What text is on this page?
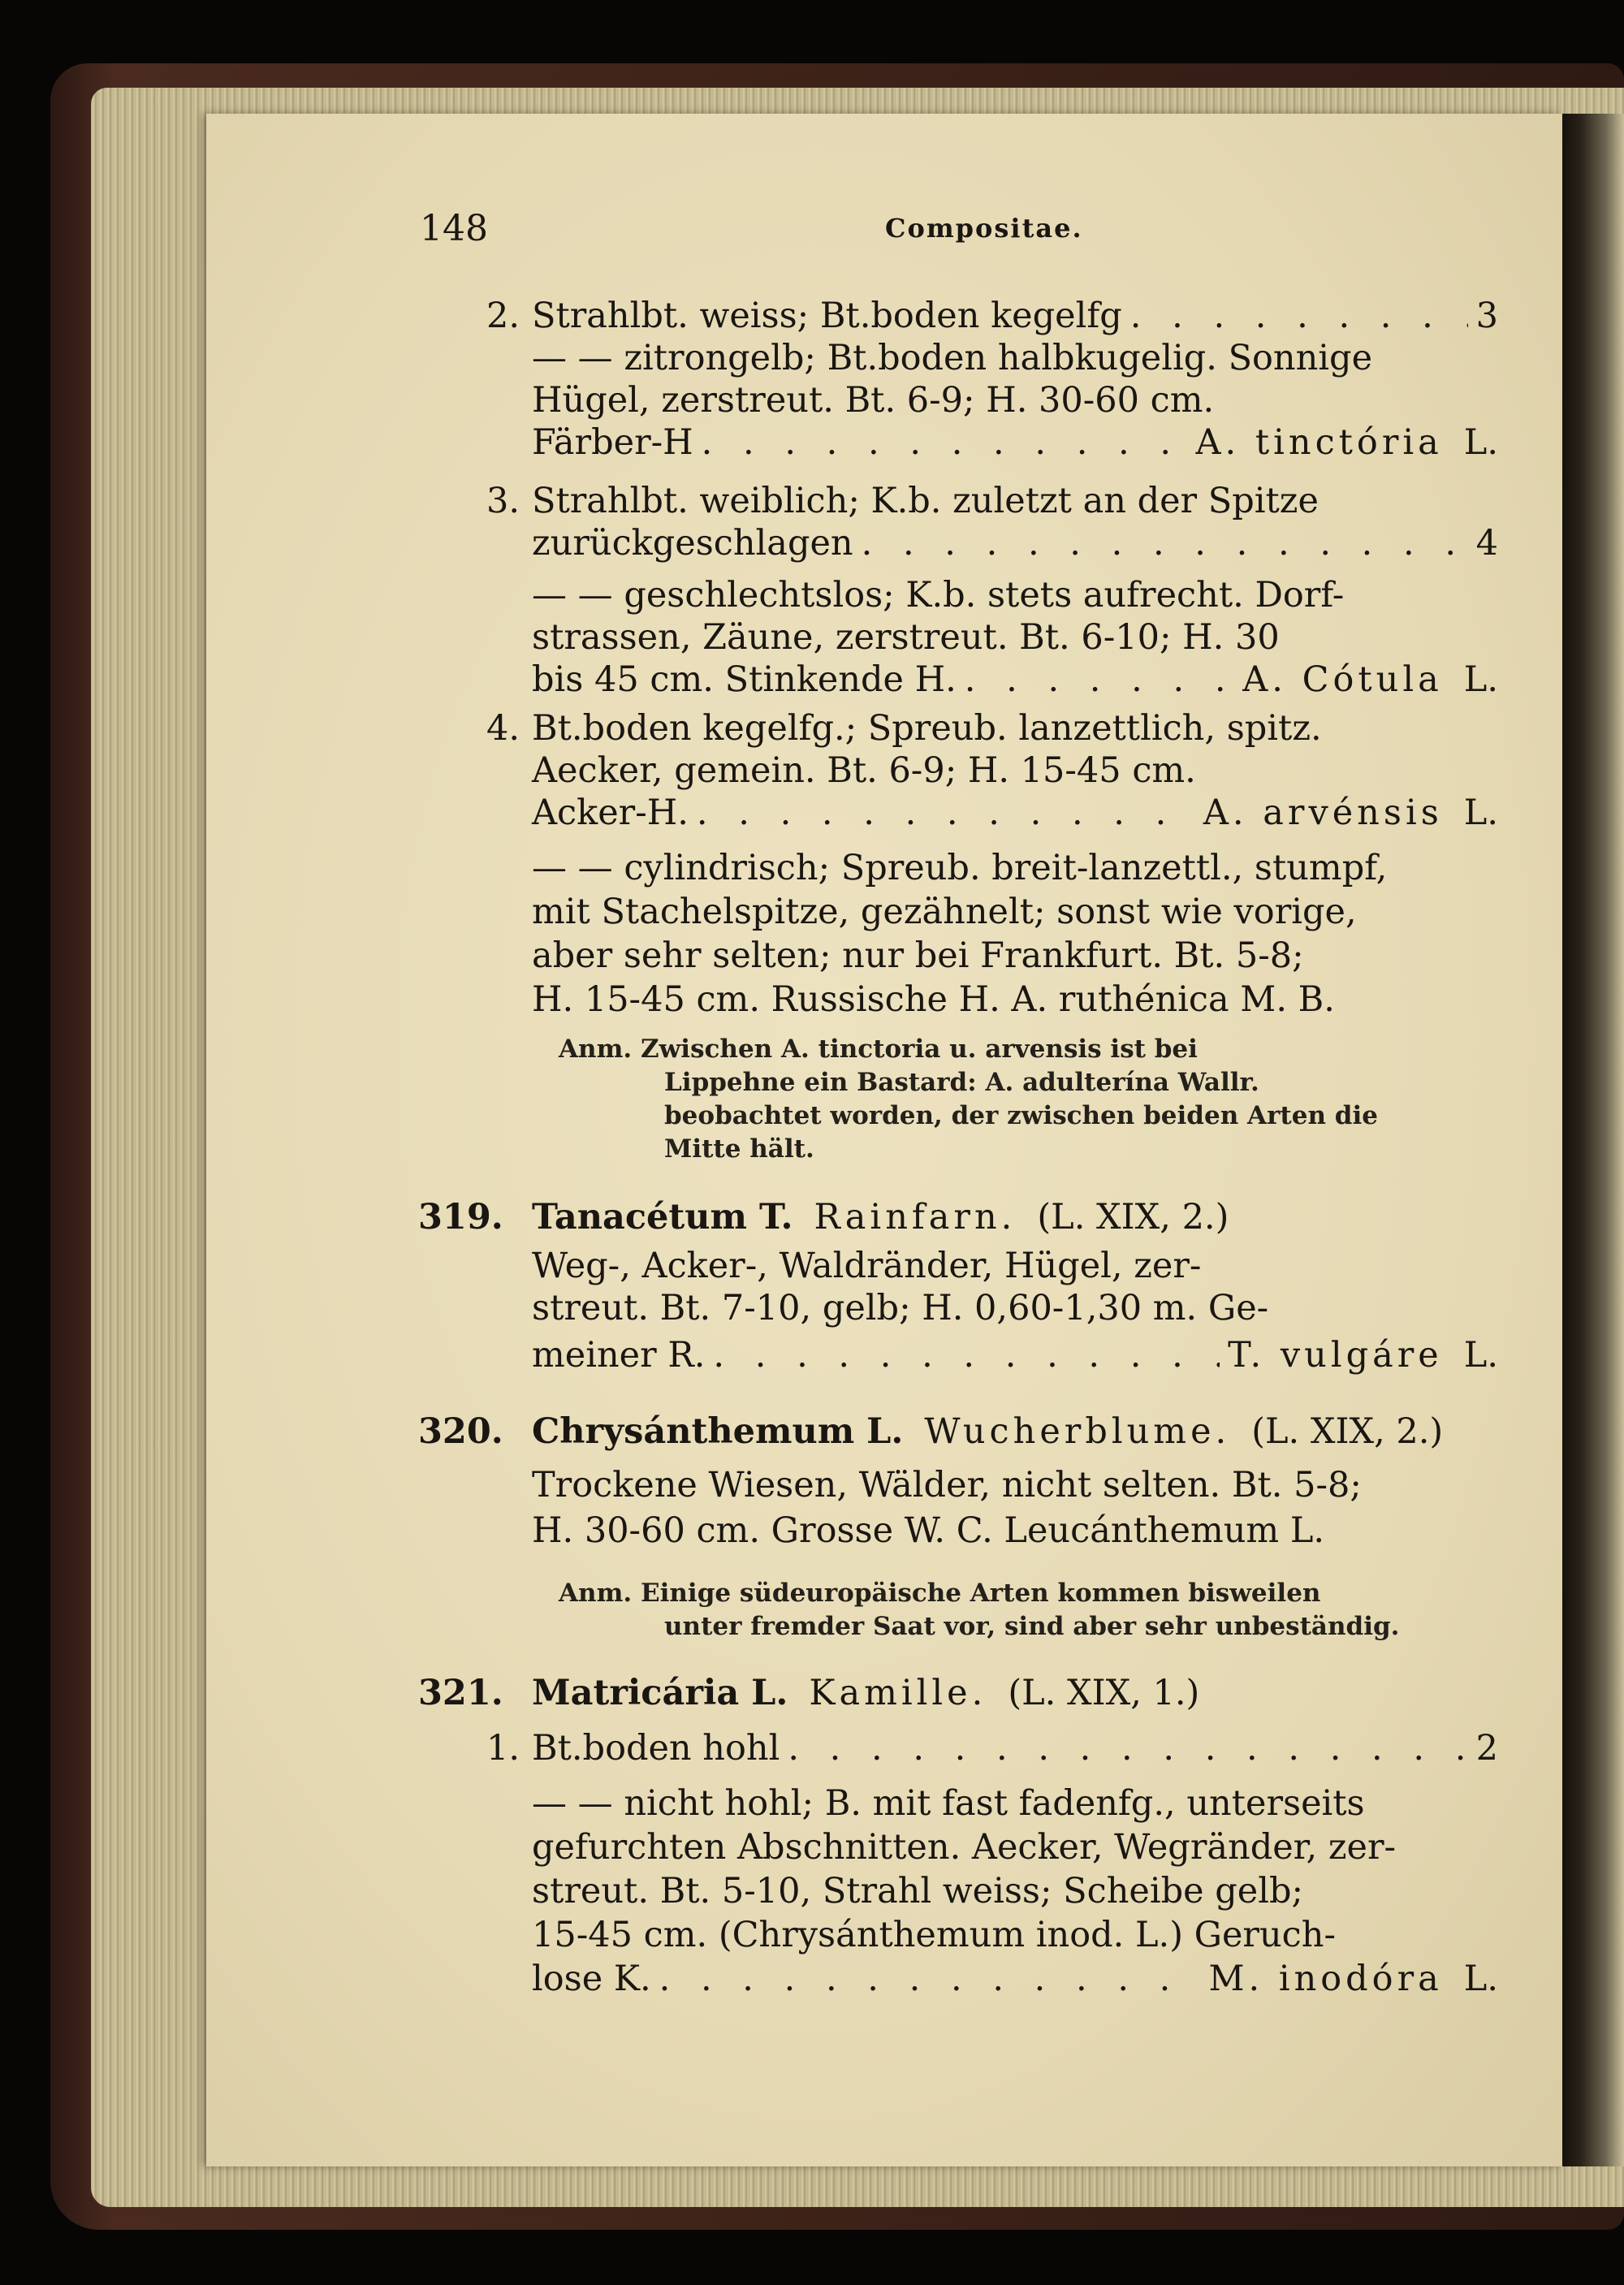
148	Compositae.
2. Strahlbt. weiss; Bt.boden kegelfg . . .	3
— — zitrongelb; Bt.boden halbkugelig. Sonnige
Hügel, zerstreut. Bt. 6-9; H. 30-60 cm.
Färber-H . . .	A. tinctória L.
3. Strahlbt. weiblich; K.b. zuletzt an der Spitze
zurückgeschlagen . . .	4
— — geschlechtslos; K.b. stets aufrecht. Dorf-
strassen, Zäune, zerstreut. Bt. 6-10; H. 30
bis 45 cm. Stinkende H. . . .	A. Cótula L.
4. Bt.boden kegelfg.; Spreub. lanzettlich, spitz.
Aecker, gemein. Bt. 6-9; H. 15-45 cm.
Acker-H. . . .	A. arvénsis L.
— — cylindrisch; Spreub. breit-lanzettl., stumpf,
mit Stachelspitze, gezähnelt; sonst wie vorige,
aber sehr selten; nur bei Frankfurt. Bt. 5-8;
H. 15-45 cm. Russische H. A. ruthénica M. B.
Anm. Zwischen A. tinctoria u. arvensis ist bei
Lippehne ein Bastard: A. adulterína Wallr.
beobachtet worden, der zwischen beiden Arten die
Mitte hält.
319. Tanacétum T. Rainfarn. (L. XIX, 2.)
Weg-, Acker-, Waldränder, Hügel, zer-
streut. Bt. 7-10, gelb; H. 0,60-1,30 m. Ge-
meiner R. . . .	T. vulgáre L.
320. Chrysánthemum L. Wucherblume. (L. XIX, 2.)
Trockene Wiesen, Wälder, nicht selten. Bt. 5-8;
H. 30-60 cm. Grosse W. C. Leucánthemum L.
Anm. Einige südeuropäische Arten kommen bisweilen
unter fremder Saat vor, sind aber sehr unbeständig.
321. Matricária L. Kamille. (L. XIX, 1.)
1. Bt.boden hohl . . .	2
— — nicht hohl; B. mit fast fadenfg., unterseits
gefurchten Abschnitten. Aecker, Wegränder, zer-
streut. Bt. 5-10, Strahl weiss; Scheibe gelb;
15-45 cm. (Chrysánthemum inod. L.) Geruch-
lose K. . . .	M. inodóra L.
